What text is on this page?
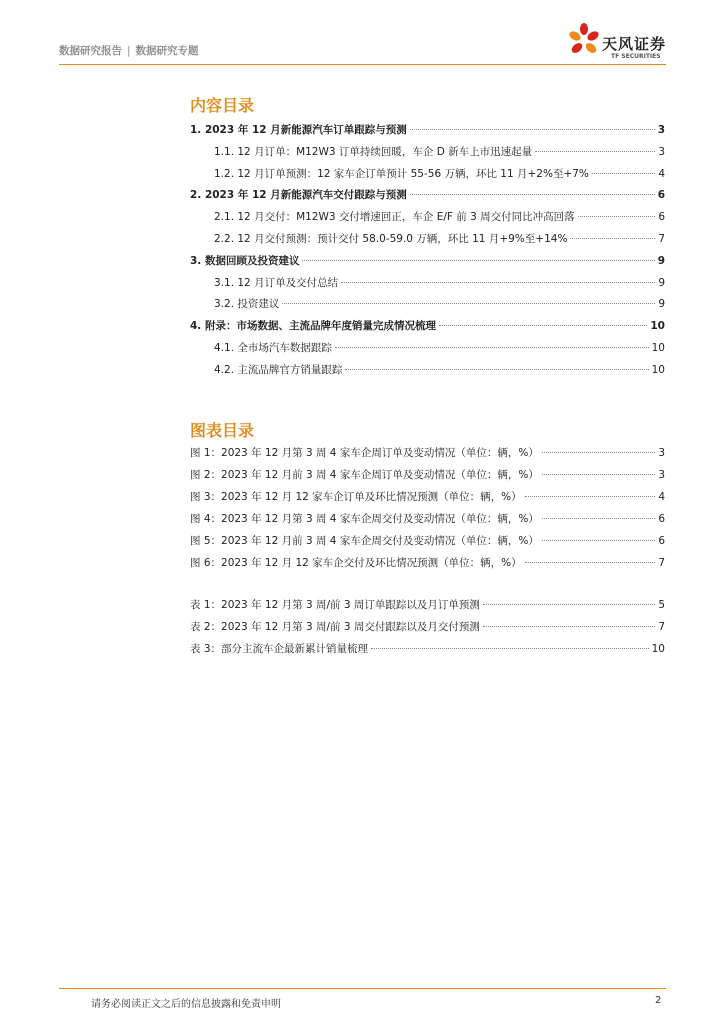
数据研究报告 | 数据研究专题	天风证券
TF SECURITIES
内容目录
1. 2023 年 12 月新能源汽车订单跟踪与预测	3
1.1. 12 月订单：M12W3 订单持续回暖，车企 D 新车上市迅速起量	3
1.2. 12 月订单预测：12 家车企订单预计 55-56 万辆，环比 11 月+2%至+7%	4
2. 2023 年 12 月新能源汽车交付跟踪与预测	6
2.1. 12 月交付：M12W3 交付增速回正，车企 E/F 前 3 周交付同比冲高回落	6
2.2. 12 月交付预测：预计交付 58.0-59.0 万辆，环比 11 月+9%至+14%	7
3. 数据回顾及投资建议	9
3.1. 12 月订单及交付总结	9
3.2. 投资建议	9
4. 附录：市场数据、主流品牌年度销量完成情况梳理	10
4.1. 全市场汽车数据跟踪	10
4.2. 主流品牌官方销量跟踪	10
图表目录
图 1：2023 年 12 月第 3 周 4 家车企周订单及变动情况（单位：辆，%）	3
图 2：2023 年 12 月前 3 周 4 家车企周订单及变动情况（单位：辆，%）	3
图 3：2023 年 12 月 12 家车企订单及环比情况预测（单位：辆，%）	4
图 4：2023 年 12 月第 3 周 4 家车企周交付及变动情况（单位：辆，%）	6
图 5：2023 年 12 月前 3 周 4 家车企周交付及变动情况（单位：辆，%）	6
图 6：2023 年 12 月 12 家车企交付及环比情况预测（单位：辆，%）	7
表 1：2023 年 12 月第 3 周/前 3 周订单跟踪以及月订单预测	5
表 2：2023 年 12 月第 3 周/前 3 周交付跟踪以及月交付预测	7
表 3：部分主流车企最新累计销量梳理	10
请务必阅读正文之后的信息披露和免责申明	2
